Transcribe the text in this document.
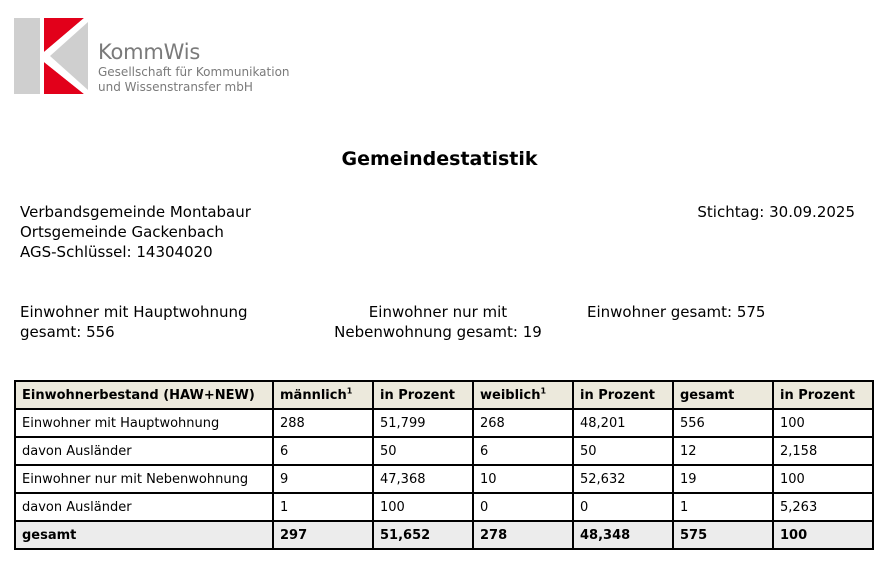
KommWis
Gesellschaft für Kommunikation
und Wissenstransfer mbH
Gemeindestatistik
Verbandsgemeinde Montabaur
Ortsgemeinde Gackenbach
AGS-Schlüssel: 14304020
Stichtag: 30.09.2025
Einwohner mit Hauptwohnung
gesamt: 556
Einwohner nur mit
Nebenwohnung gesamt: 19
Einwohner gesamt: 575
Einwohnerbestand (HAW+NEW)	männlich$^1$	in Prozent	weiblich$^1$	in Prozent	gesamt	in Prozent
Einwohner mit Hauptwohnung	288	51,799	268	48,201	556	100
davon Ausländer	6	50	6	50	12	2,158
Einwohner nur mit Nebenwohnung	9	47,368	10	52,632	19	100
davon Ausländer	1	100	0	0	1	5,263
gesamt	297	51,652	278	48,348	575	100
